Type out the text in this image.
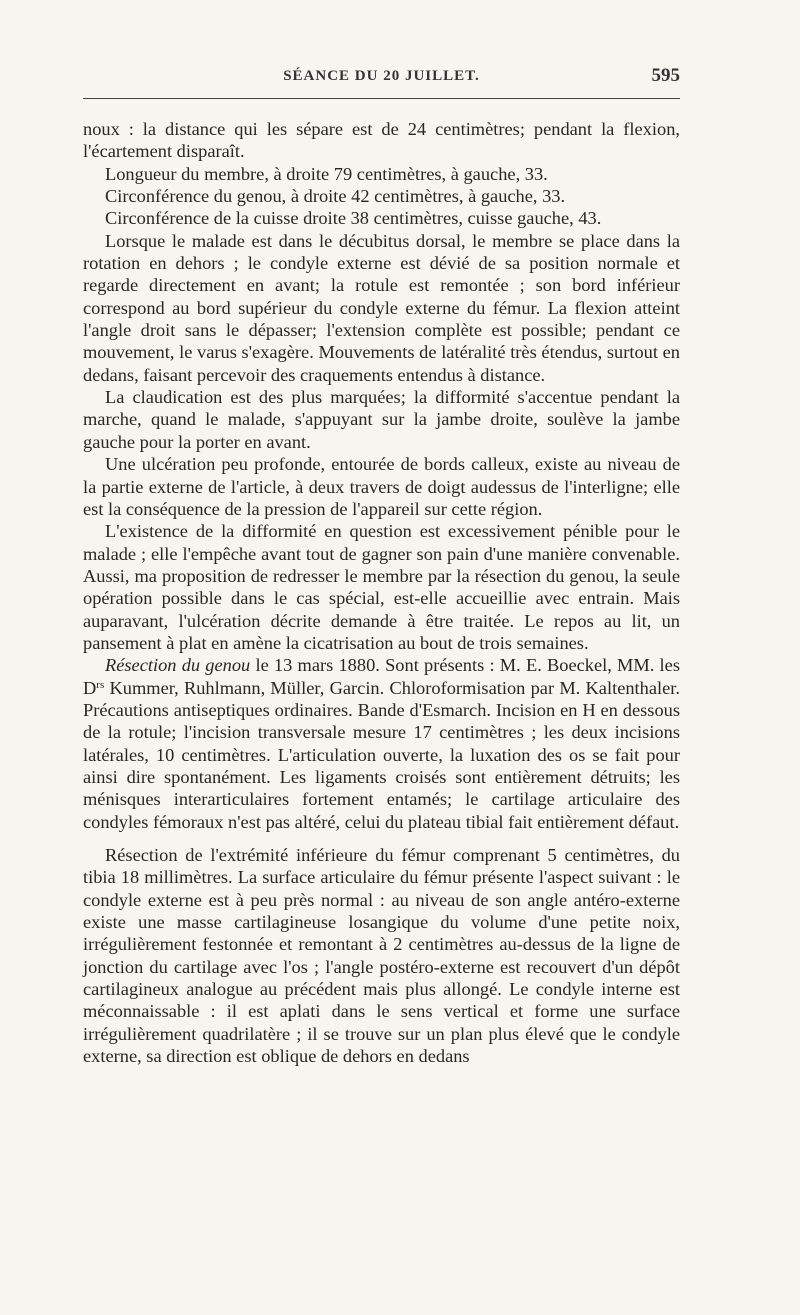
SÉANCE DU 20 JUILLET.	595

noux : la distance qui les sépare est de 24 centimètres; pendant la flexion, l'écartement disparaît.

Longueur du membre, à droite 79 centimètres, à gauche, 33.

Circonférence du genou, à droite 42 centimètres, à gauche, 33.

Circonférence de la cuisse droite 38 centimètres, cuisse gauche, 43.

Lorsque le malade est dans le décubitus dorsal, le membre se place dans la rotation en dehors ; le condyle externe est dévié de sa position normale et regarde directement en avant; la rotule est remontée ; son bord inférieur correspond au bord supérieur du condyle externe du fémur. La flexion atteint l'angle droit sans le dépasser; l'extension complète est possible; pendant ce mouvement, le varus s'exagère. Mouvements de latéralité très étendus, surtout en dedans, faisant percevoir des craquements entendus à distance.

La claudication est des plus marquées; la difformité s'accentue pendant la marche, quand le malade, s'appuyant sur la jambe droite, soulève la jambe gauche pour la porter en avant.

Une ulcération peu profonde, entourée de bords calleux, existe au niveau de la partie externe de l'article, à deux travers de doigt audessus de l'interligne; elle est la conséquence de la pression de l'appareil sur cette région.

L'existence de la difformité en question est excessivement pénible pour le malade ; elle l'empêche avant tout de gagner son pain d'une manière convenable. Aussi, ma proposition de redresser le membre par la résection du genou, la seule opération possible dans le cas spécial, est-elle accueillie avec entrain. Mais auparavant, l'ulcération décrite demande à être traitée. Le repos au lit, un pansement à plat en amène la cicatrisation au bout de trois semaines.

Résection du genou le 13 mars 1880. Sont présents : M. E. Boeckel, MM. les $D^{rs}$ Kummer, Ruhlmann, Müller, Garcin. Chloroformisation par M. Kaltenthaler. Précautions antiseptiques ordinaires. Bande d'Esmarch. Incision en H en dessous de la rotule; l'incision transversale mesure 17 centimètres ; les deux incisions latérales, 10 centimètres. L'articulation ouverte, la luxation des os se fait pour ainsi dire spontanément. Les ligaments croisés sont entièrement détruits; les ménisques interarticulaires fortement entamés; le cartilage articulaire des condyles fémoraux n'est pas altéré, celui du plateau tibial fait entièrement défaut.

Résection de l'extrémité inférieure du fémur comprenant 5 centimètres, du tibia 18 millimètres. La surface articulaire du fémur présente l'aspect suivant : le condyle externe est à peu près normal : au niveau de son angle antéro-externe existe une masse cartilagineuse losangique du volume d'une petite noix, irrégulièrement festonnée et remontant à 2 centimètres au-dessus de la ligne de jonction du cartilage avec l'os ; l'angle postéro-externe est recouvert d'un dépôt cartilagineux analogue au précédent mais plus allongé. Le condyle interne est méconnaissable : il est aplati dans le sens vertical et forme une surface irrégulièrement quadrilatère ; il se trouve sur un plan plus élevé que le condyle externe, sa direction est oblique de dehors en dedans
